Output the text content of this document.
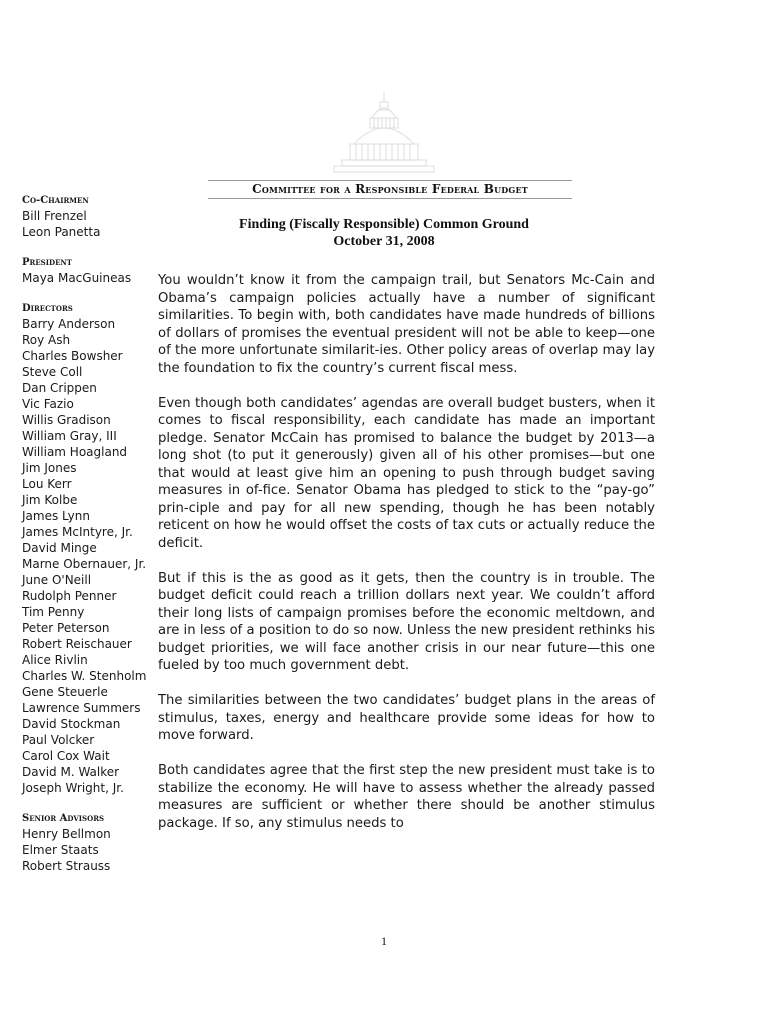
Committee for a Responsible Federal Budget
Co-Chairmen
Bill Frenzel
Leon Panetta
President
Maya MacGuineas
Directors
Barry Anderson
Roy Ash
Charles Bowsher
Steve Coll
Dan Crippen
Vic Fazio
Willis Gradison
William Gray, III
William Hoagland
Jim Jones
Lou Kerr
Jim Kolbe
James Lynn
James McIntyre, Jr.
David Minge
Marne Obernauer, Jr.
June O'Neill
Rudolph Penner
Tim Penny
Peter Peterson
Robert Reischauer
Alice Rivlin
Charles W. Stenholm
Gene Steuerle
Lawrence Summers
David Stockman
Paul Volcker
Carol Cox Wait
David M. Walker
Joseph Wright, Jr.
Senior Advisors
Henry Bellmon
Elmer Staats
Robert Strauss
Finding (Fiscally Responsible) Common Ground
October 31, 2008

You wouldn’t know it from the campaign trail, but Senators Mc-Cain and Obama’s campaign policies actually have a number of significant similarities. To begin with, both candidates have made hundreds of billions of dollars of promises the eventual president will not be able to keep—one of the more unfortunate similarit-ies. Other policy areas of overlap may lay the foundation to fix the country’s current fiscal mess.

Even though both candidates’ agendas are overall budget busters, when it comes to fiscal responsibility, each candidate has made an important pledge. Senator McCain has promised to balance the budget by 2013—a long shot (to put it generously) given all of his other promises—but one that would at least give him an opening to push through budget saving measures in of-fice. Senator Obama has pledged to stick to the “pay-go” prin-ciple and pay for all new spending, though he has been notably reticent on how he would offset the costs of tax cuts or actually reduce the deficit.

But if this is the as good as it gets, then the country is in trouble. The budget deficit could reach a trillion dollars next year. We couldn’t afford their long lists of campaign promises before the economic meltdown, and are in less of a position to do so now. Unless the new president rethinks his budget priorities, we will face another crisis in our near future—this one fueled by too much government debt.

The similarities between the two candidates’ budget plans in the areas of stimulus, taxes, energy and healthcare provide some ideas for how to move forward.

Both candidates agree that the first step the new president must take is to stabilize the economy. He will have to assess whether the already passed measures are sufficient or whether there should be another stimulus package. If so, any stimulus needs to

1
